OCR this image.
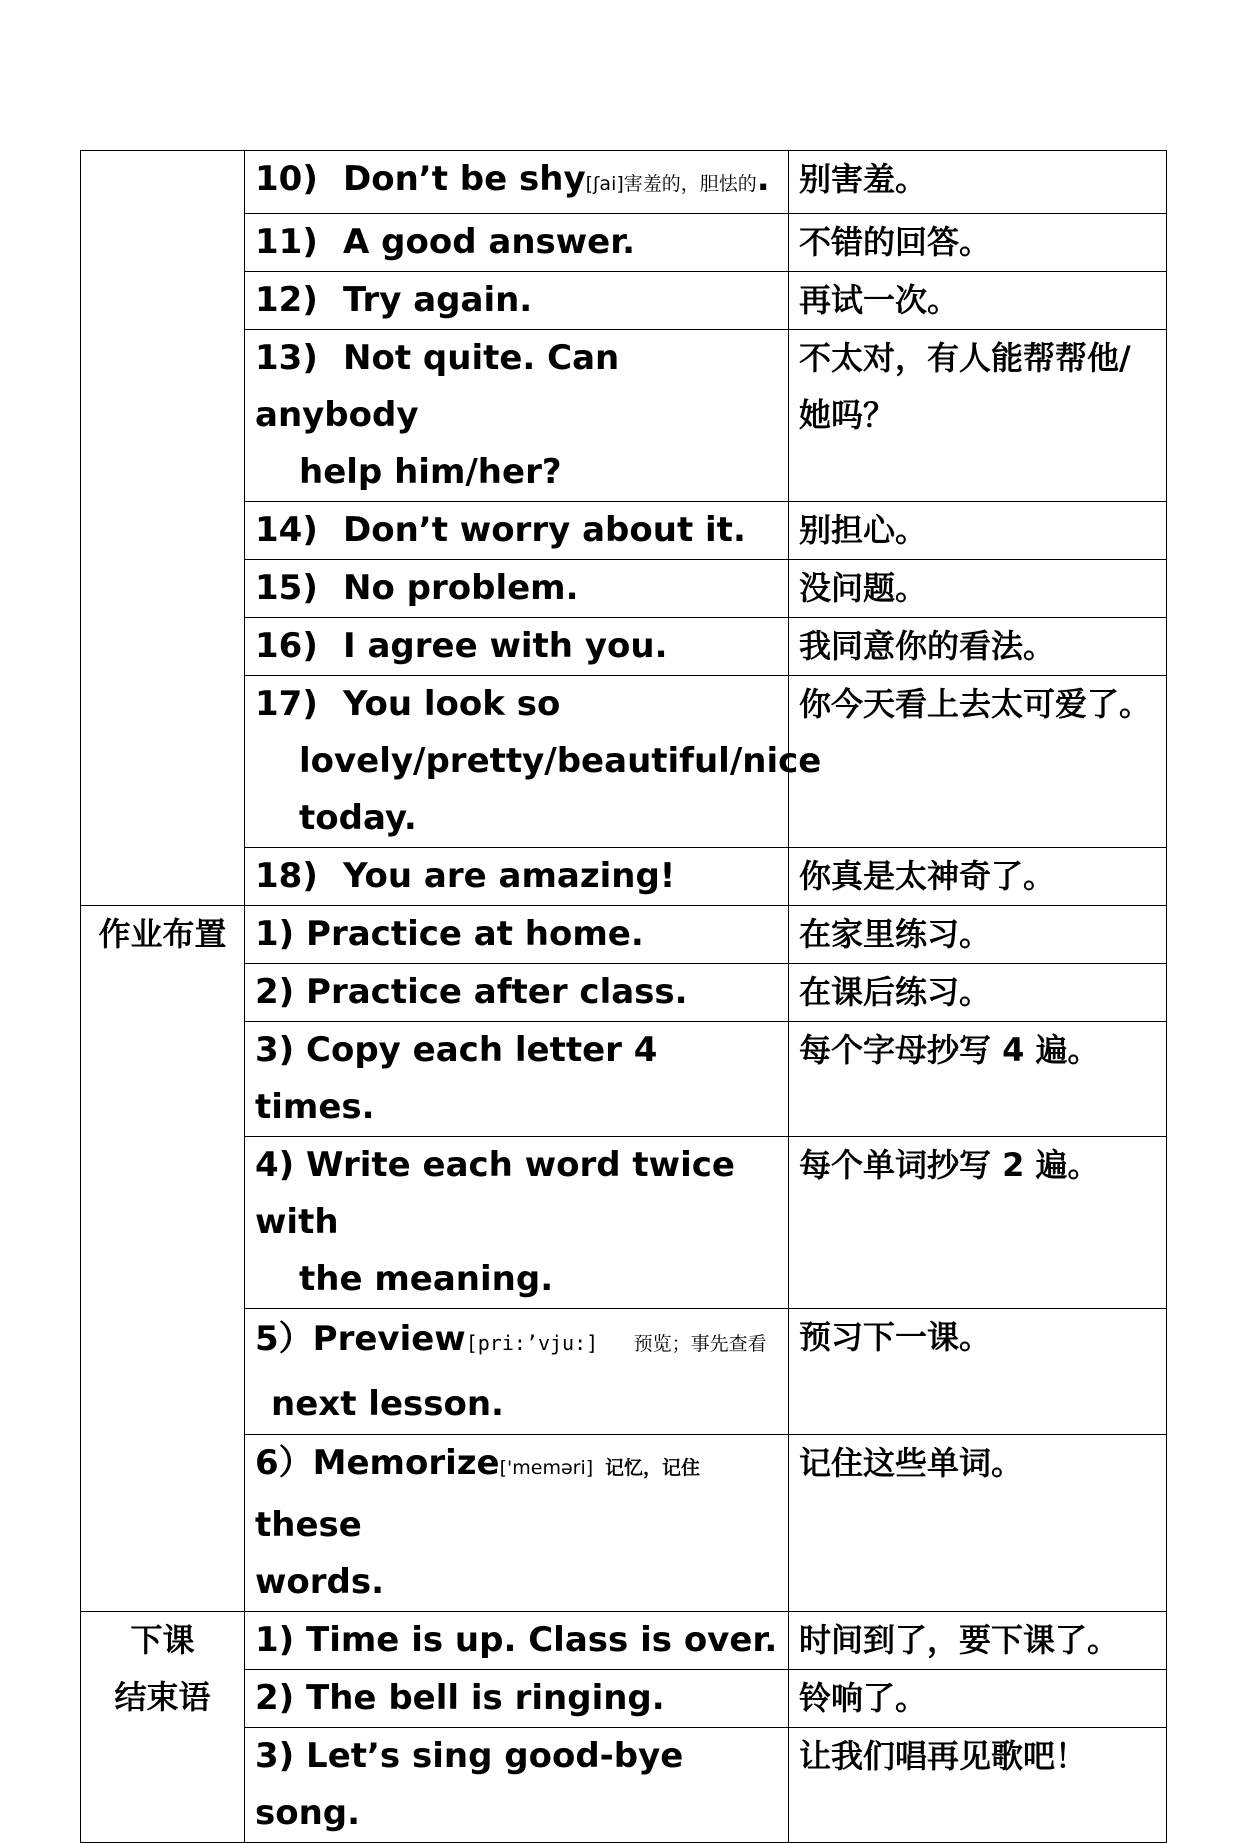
	10) Don’t be shy[ʃai]害羞的，胆怯的.	别害羞。
	11) A good answer.	不错的回答。
	12) Try again.	再试一次。
	13) Not quite. Can anybody
help him/her?	不太对，有人能帮帮他/她吗？
	14) Don’t worry about it.	别担心。
	15) No problem.	没问题。
	16) I agree with you.	我同意你的看法。
	17) You look so
lovely/pretty/beautiful/nice
today.	你今天看上去太可爱了。
	18) You are amazing!	你真是太神奇了。
作业布置	1) Practice at home.	在家里练习。
	2) Practice after class.	在课后练习。
	3) Copy each letter 4 times.	每个字母抄写 4 遍。
	4) Write each word twice with
the meaning.	每个单词抄写 2 遍。
	5）Preview[pri:’vju:] 预览；事先查看
next lesson.	预习下一课。
	6）Memorize['meməri] 记忆，记住these
words.	记住这些单词。

下课
结束语	1) Time is up. Class is over.	时间到了，要下课了。
	2) The bell is ringing.	铃响了。
	3) Let’s sing good-bye song.	让我们唱再见歌吧！
